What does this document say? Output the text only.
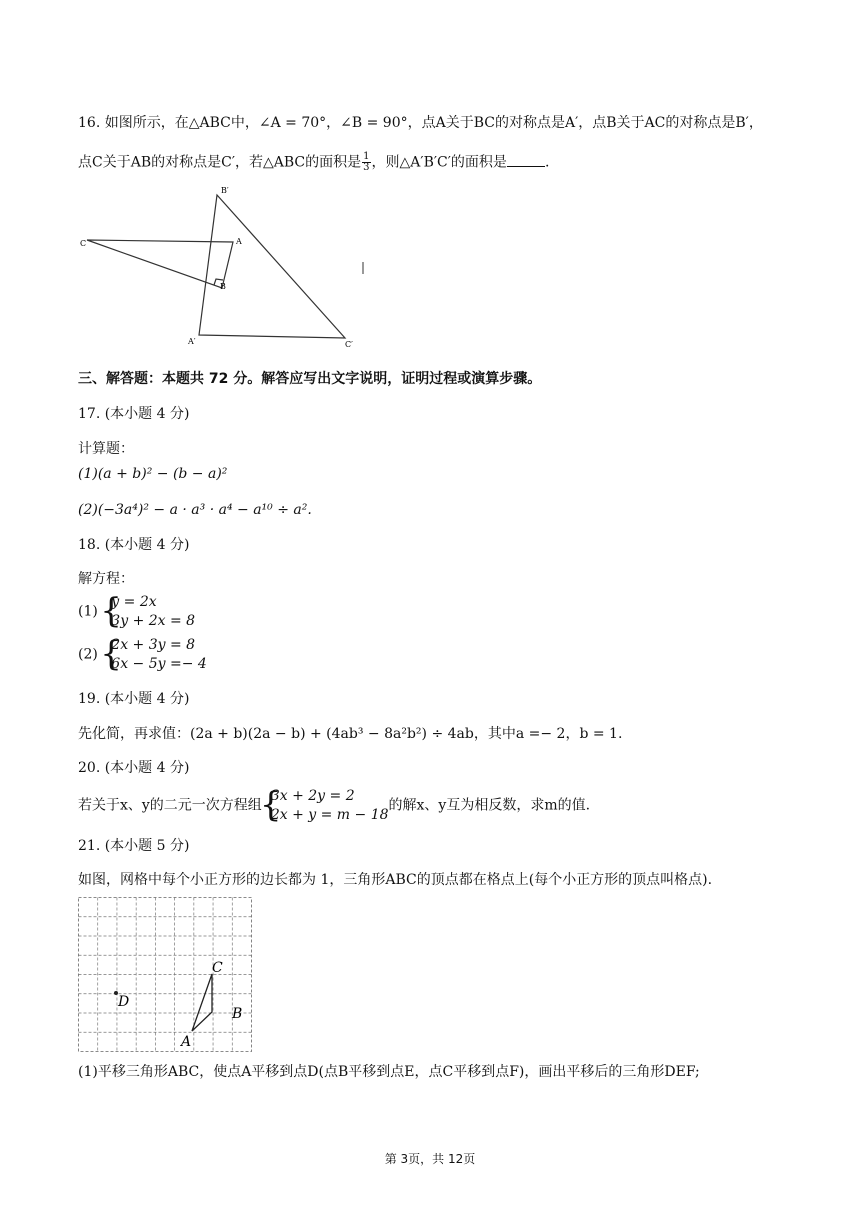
16. 如图所示，在△ABC中，∠A = 70°，∠B = 90°，点A关于BC的对称点是A′，点B关于AC的对称点是B′，
点C关于AB的对称点是C′，若△ABC的面积是 $\frac{1}{3}$ ，则△A′B′C′的面积是	.
B′
C	A
B
A′	C′
三、解答题：本题共 72 分。解答应写出文字说明，证明过程或演算步骤。
17. (本小题 4 分)
计算题：
(1)(a + b)² − (b − a)²
(2)(−3a⁴)² − a · a³ · a⁴ − a¹⁰ ÷ a².
18. (本小题 4 分)
解方程：
(1)
{ y = 2x
3y + 2x = 8
(2)
{ 2x + 3y = 8
6x − 5y =− 4
19. (本小题 4 分)
先化简，再求值：(2a + b)(2a − b) + (4ab³ − 8a²b²) ÷ 4ab，其中a =− 2，b = 1.
20. (本小题 4 分)
若关于x、y的二元一次方程组
{ 3x + 2y = 2
2x + y = m − 18
的解x、y互为相反数，求m的值.
21. (本小题 5 分)
如图，网格中每个小正方形的边长都为 1，三角形ABC的顶点都在格点上(每个小正方形的顶点叫格点).
C
D
B
A
(1)平移三角形ABC，使点A平移到点D(点B平移到点E，点C平移到点F)，画出平移后的三角形DEF;
第 3页，共 12页
